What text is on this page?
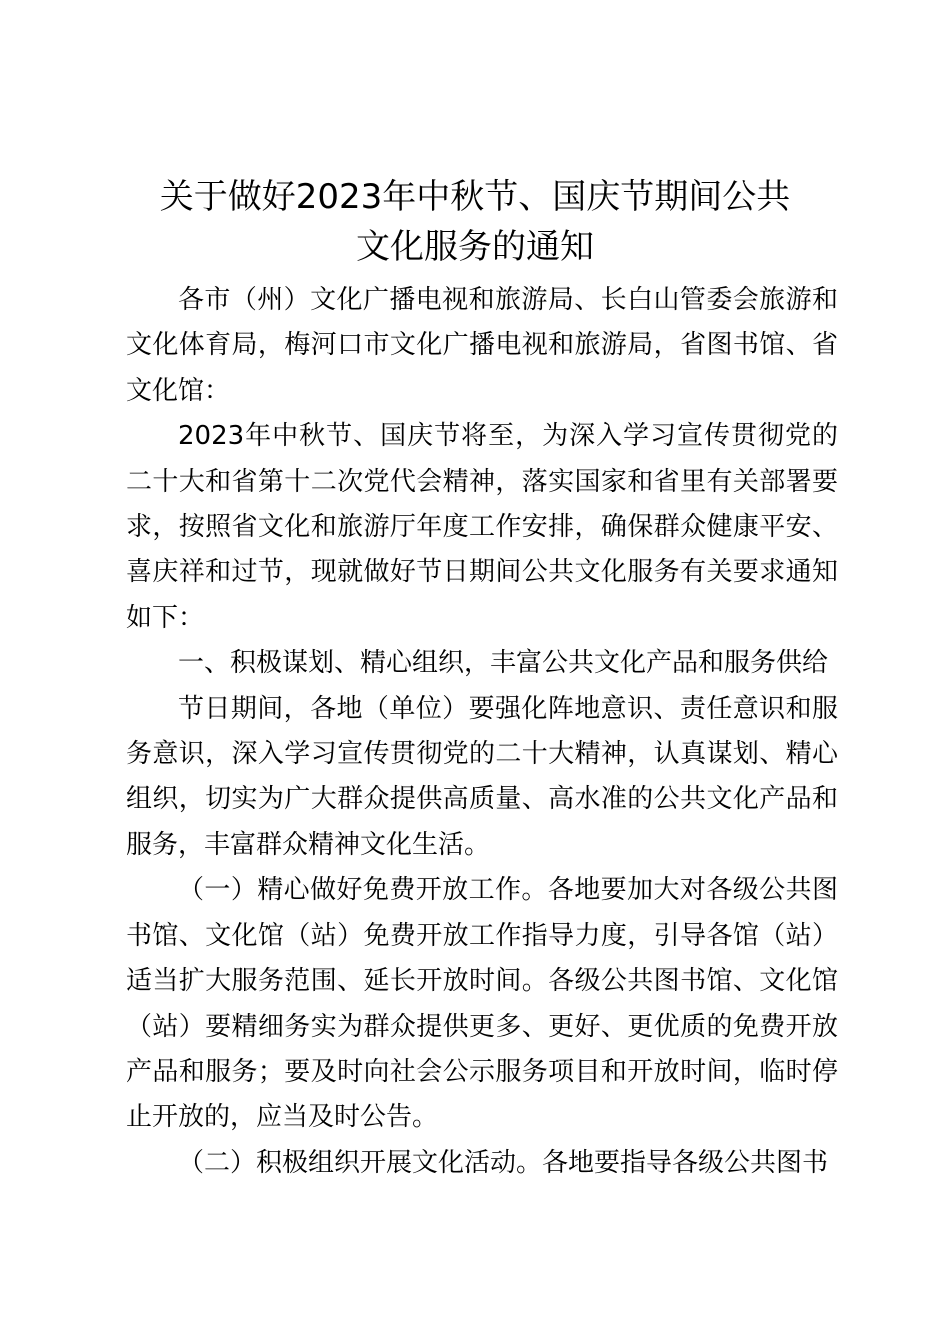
关于做好2023年中秋节、国庆节期间公共
文化服务的通知

各市（州）文化广播电视和旅游局、长白山管委会旅游和文化体育局，梅河口市文化广播电视和旅游局，省图书馆、省文化馆：

2023年中秋节、国庆节将至，为深入学习宣传贯彻党的二十大和省第十二次党代会精神，落实国家和省里有关部署要求，按照省文化和旅游厅年度工作安排，确保群众健康平安、喜庆祥和过节，现就做好节日期间公共文化服务有关要求通知如下：

一、积极谋划、精心组织，丰富公共文化产品和服务供给

节日期间，各地（单位）要强化阵地意识、责任意识和服务意识，深入学习宣传贯彻党的二十大精神，认真谋划、精心组织，切实为广大群众提供高质量、高水准的公共文化产品和服务，丰富群众精神文化生活。

（一）精心做好免费开放工作。各地要加大对各级公共图书馆、文化馆（站）免费开放工作指导力度，引导各馆（站）适当扩大服务范围、延长开放时间。各级公共图书馆、文化馆（站）要精细务实为群众提供更多、更好、更优质的免费开放产品和服务；要及时向社会公示服务项目和开放时间，临时停止开放的，应当及时公告。

（二）积极组织开展文化活动。各地要指导各级公共图书
